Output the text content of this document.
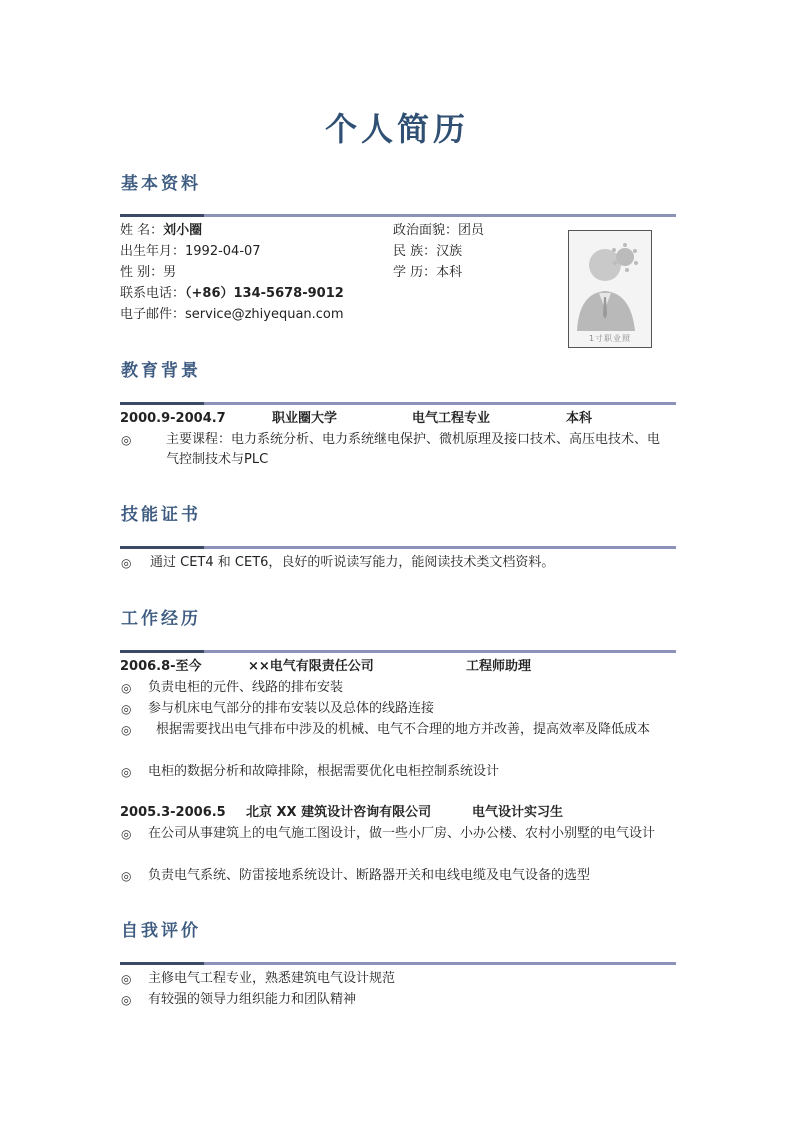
个人简历
基本资料
姓 名：刘小圈
出生年月：1992-04-07
性 别：男
联系电话：（+86）134-5678-9012
电子邮件：service@zhiyequan.com
政治面貌：团员
民 族：汉族
学 历：本科
1寸职业照
教育背景
2000.9-2004.7	职业圈大学	电气工程专业	本科
◎	主要课程：电力系统分析、电力系统继电保护、微机原理及接口技术、高压电技术、电气控制技术与PLC
技能证书
◎ 通过 CET4 和 CET6，良好的听说读写能力，能阅读技术类文档资料。
工作经历
2006.8-至今	××电气有限责任公司	工程师助理
◎ 负责电柜的元件、线路的排布安装
◎ 参与机床电气部分的排布安装以及总体的线路连接
◎	根据需要找出电气排布中涉及的机械、电气不合理的地方并改善，提高效率及降低成本
◎ 电柜的数据分析和故障排除，根据需要优化电柜控制系统设计
2005.3-2006.5 北京 XX 建筑设计咨询有限公司	电气设计实习生
◎ 在公司从事建筑上的电气施工图设计，做一些小厂房、小办公楼、农村小别墅的电气设计
◎ 负责电气系统、防雷接地系统设计、断路器开关和电线电缆及电气设备的选型
自我评价
◎ 主修电气工程专业，熟悉建筑电气设计规范
◎ 有较强的领导力组织能力和团队精神
